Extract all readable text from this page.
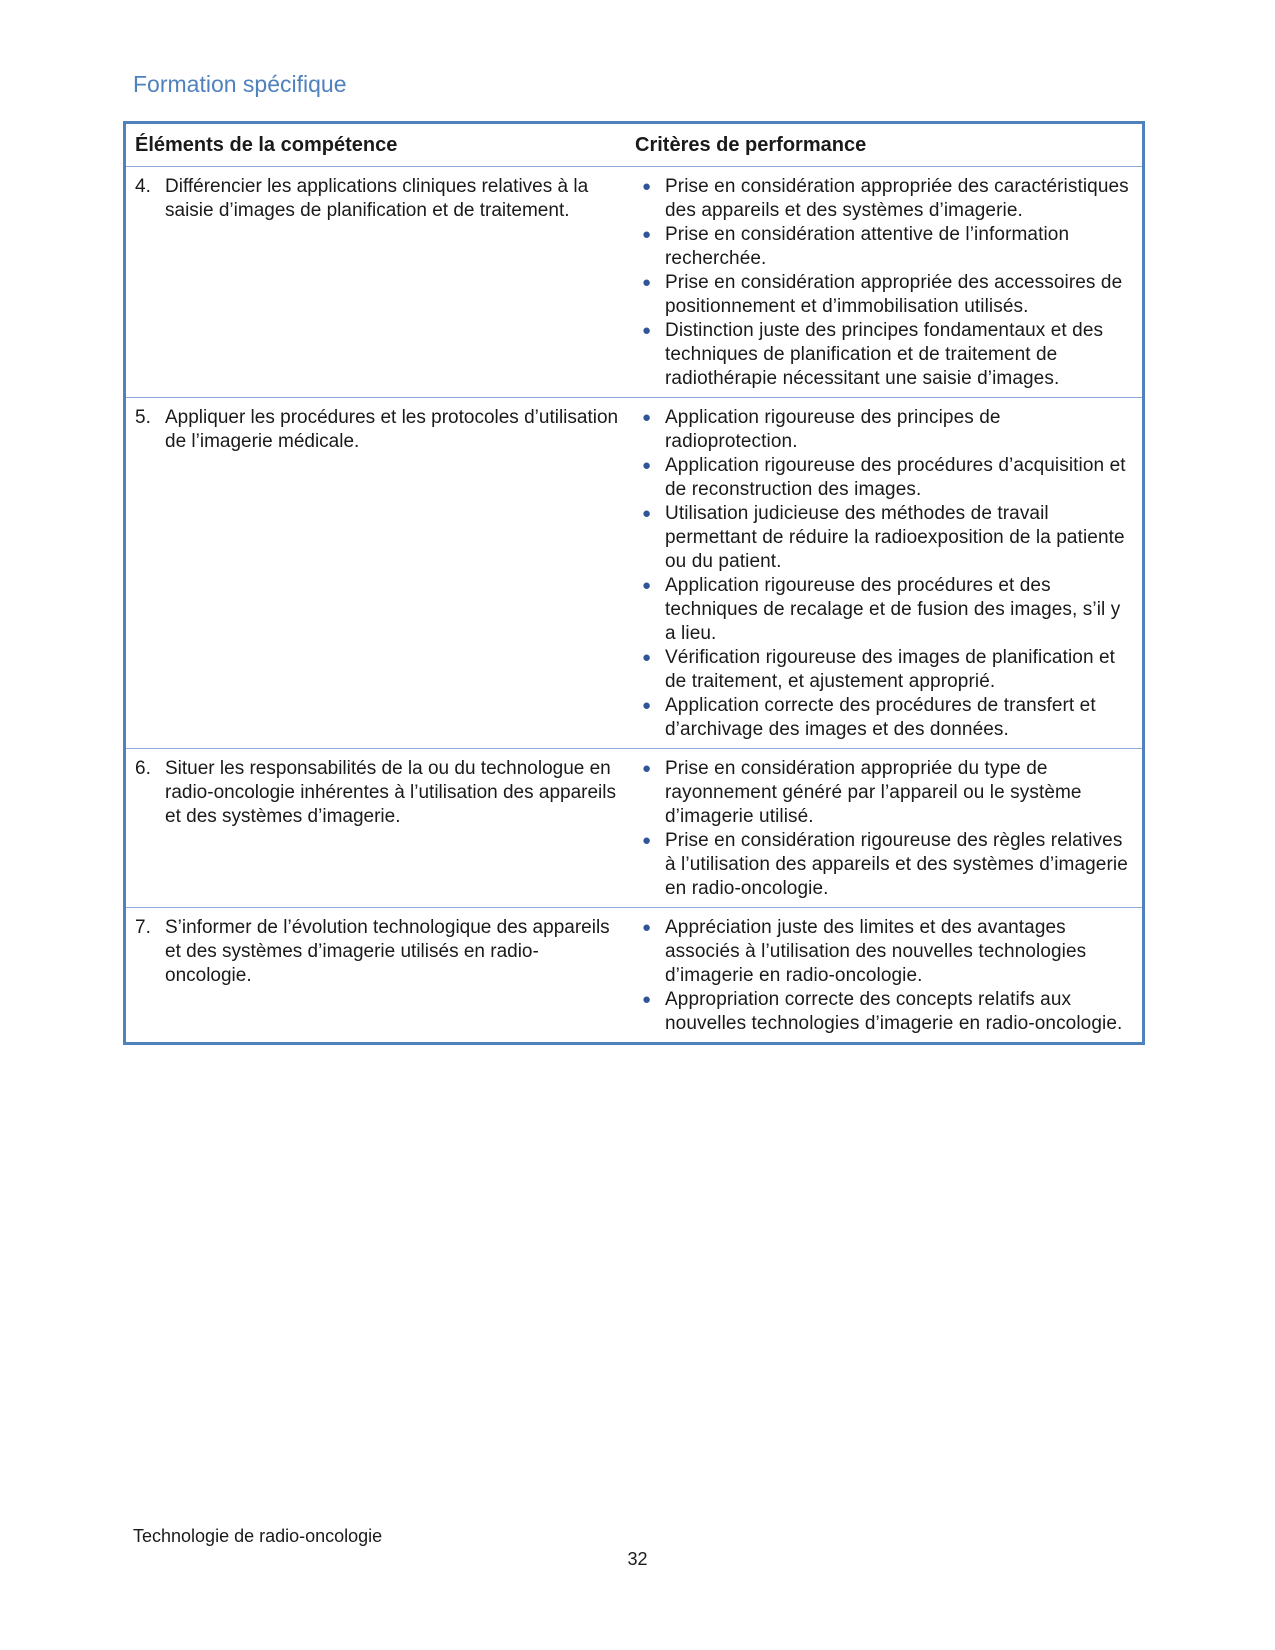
Formation spécifique
Éléments de la compétence	Critères de performance
4. Différencier les applications cliniques relatives à la saisie d’images de planification et de traitement.
● Prise en considération appropriée des caractéristiques des appareils et des systèmes d’imagerie.
● Prise en considération attentive de l’information recherchée.
● Prise en considération appropriée des accessoires de positionnement et d’immobilisation utilisés.
● Distinction juste des principes fondamentaux et des techniques de planification et de traitement de radiothérapie nécessitant une saisie d’images.
5. Appliquer les procédures et les protocoles d’utilisation de l’imagerie médicale.
● Application rigoureuse des principes de radioprotection.
● Application rigoureuse des procédures d’acquisition et de reconstruction des images.
● Utilisation judicieuse des méthodes de travail permettant de réduire la radioexposition de la patiente ou du patient.
● Application rigoureuse des procédures et des techniques de recalage et de fusion des images, s’il y a lieu.
● Vérification rigoureuse des images de planification et de traitement, et ajustement approprié.
● Application correcte des procédures de transfert et d’archivage des images et des données.
6. Situer les responsabilités de la ou du technologue en radio-oncologie inhérentes à l’utilisation des appareils et des systèmes d’imagerie.
● Prise en considération appropriée du type de rayonnement généré par l’appareil ou le système d’imagerie utilisé.
● Prise en considération rigoureuse des règles relatives à l’utilisation des appareils et des systèmes d’imagerie en radio-oncologie.
7. S’informer de l’évolution technologique des appareils et des systèmes d’imagerie utilisés en radio-oncologie.
● Appréciation juste des limites et des avantages associés à l’utilisation des nouvelles technologies d’imagerie en radio-oncologie.
● Appropriation correcte des concepts relatifs aux nouvelles technologies d’imagerie en radio-oncologie.
Technologie de radio-oncologie
32
